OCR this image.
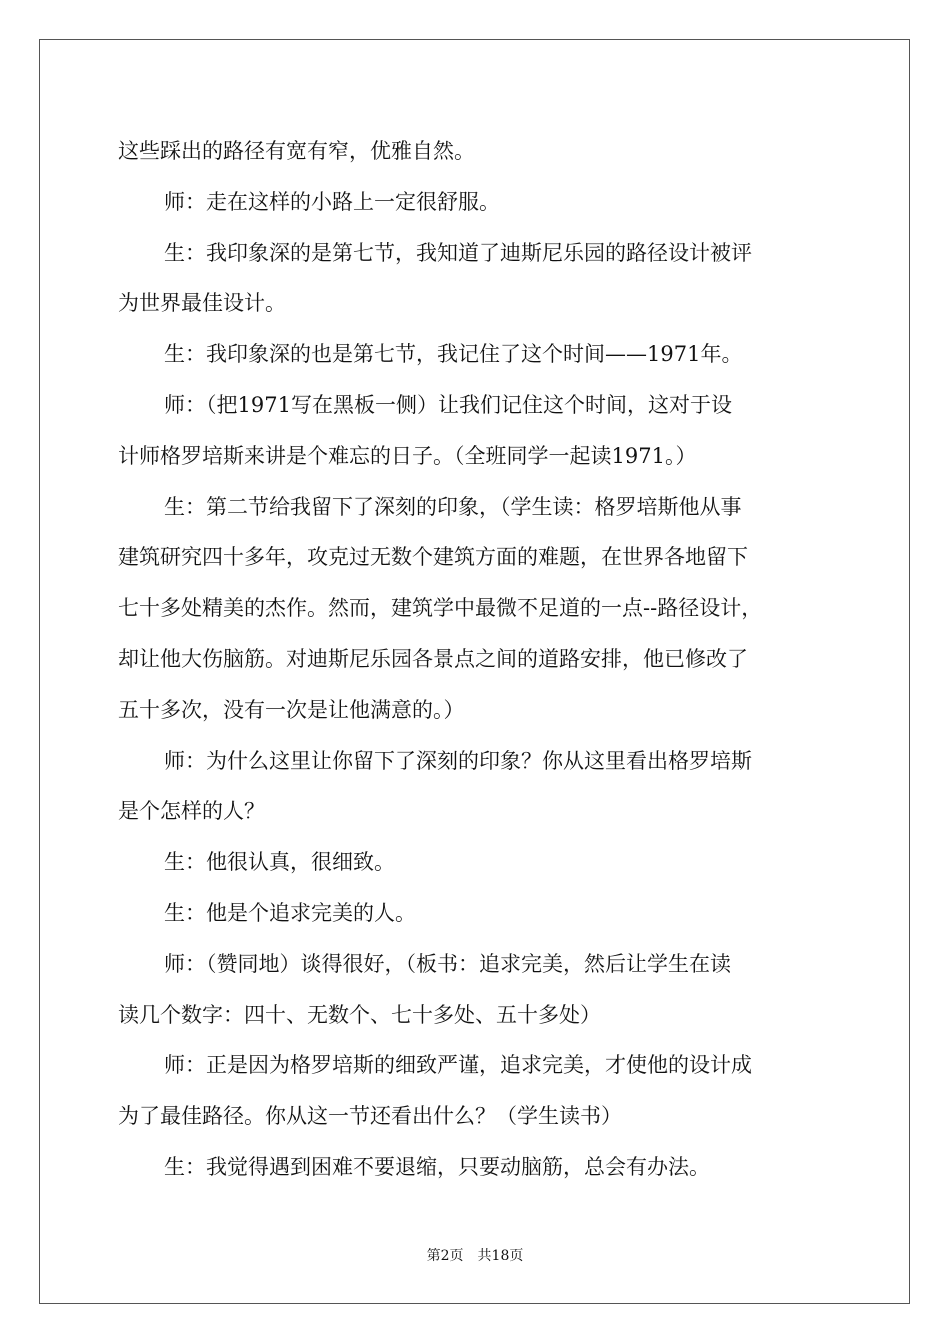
这些踩出的路径有宽有窄，优雅自然。
师：走在这样的小路上一定很舒服。
生：我印象深的是第七节，我知道了迪斯尼乐园的路径设计被评
为世界最佳设计。
生：我印象深的也是第七节，我记住了这个时间——1971年。
师：（把1971写在黑板一侧）让我们记住这个时间，这对于设
计师格罗培斯来讲是个难忘的日子。（全班同学一起读1971。）
生：第二节给我留下了深刻的印象，（学生读：格罗培斯他从事
建筑研究四十多年，攻克过无数个建筑方面的难题，在世界各地留下
七十多处精美的杰作。然而，建筑学中最微不足道的一点--路径设计，
却让他大伤脑筋。对迪斯尼乐园各景点之间的道路安排，他已修改了
五十多次，没有一次是让他满意的。）
师：为什么这里让你留下了深刻的印象？你从这里看出格罗培斯
是个怎样的人？
生：他很认真，很细致。
生：他是个追求完美的人。
师：（赞同地）谈得很好，（板书：追求完美，然后让学生在读
读几个数字：四十、无数个、七十多处、五十多处）
师：正是因为格罗培斯的细致严谨，追求完美，才使他的设计成
为了最佳路径。你从这一节还看出什么？（学生读书）
生：我觉得遇到困难不要退缩，只要动脑筋，总会有办法。
第2页 共18页
